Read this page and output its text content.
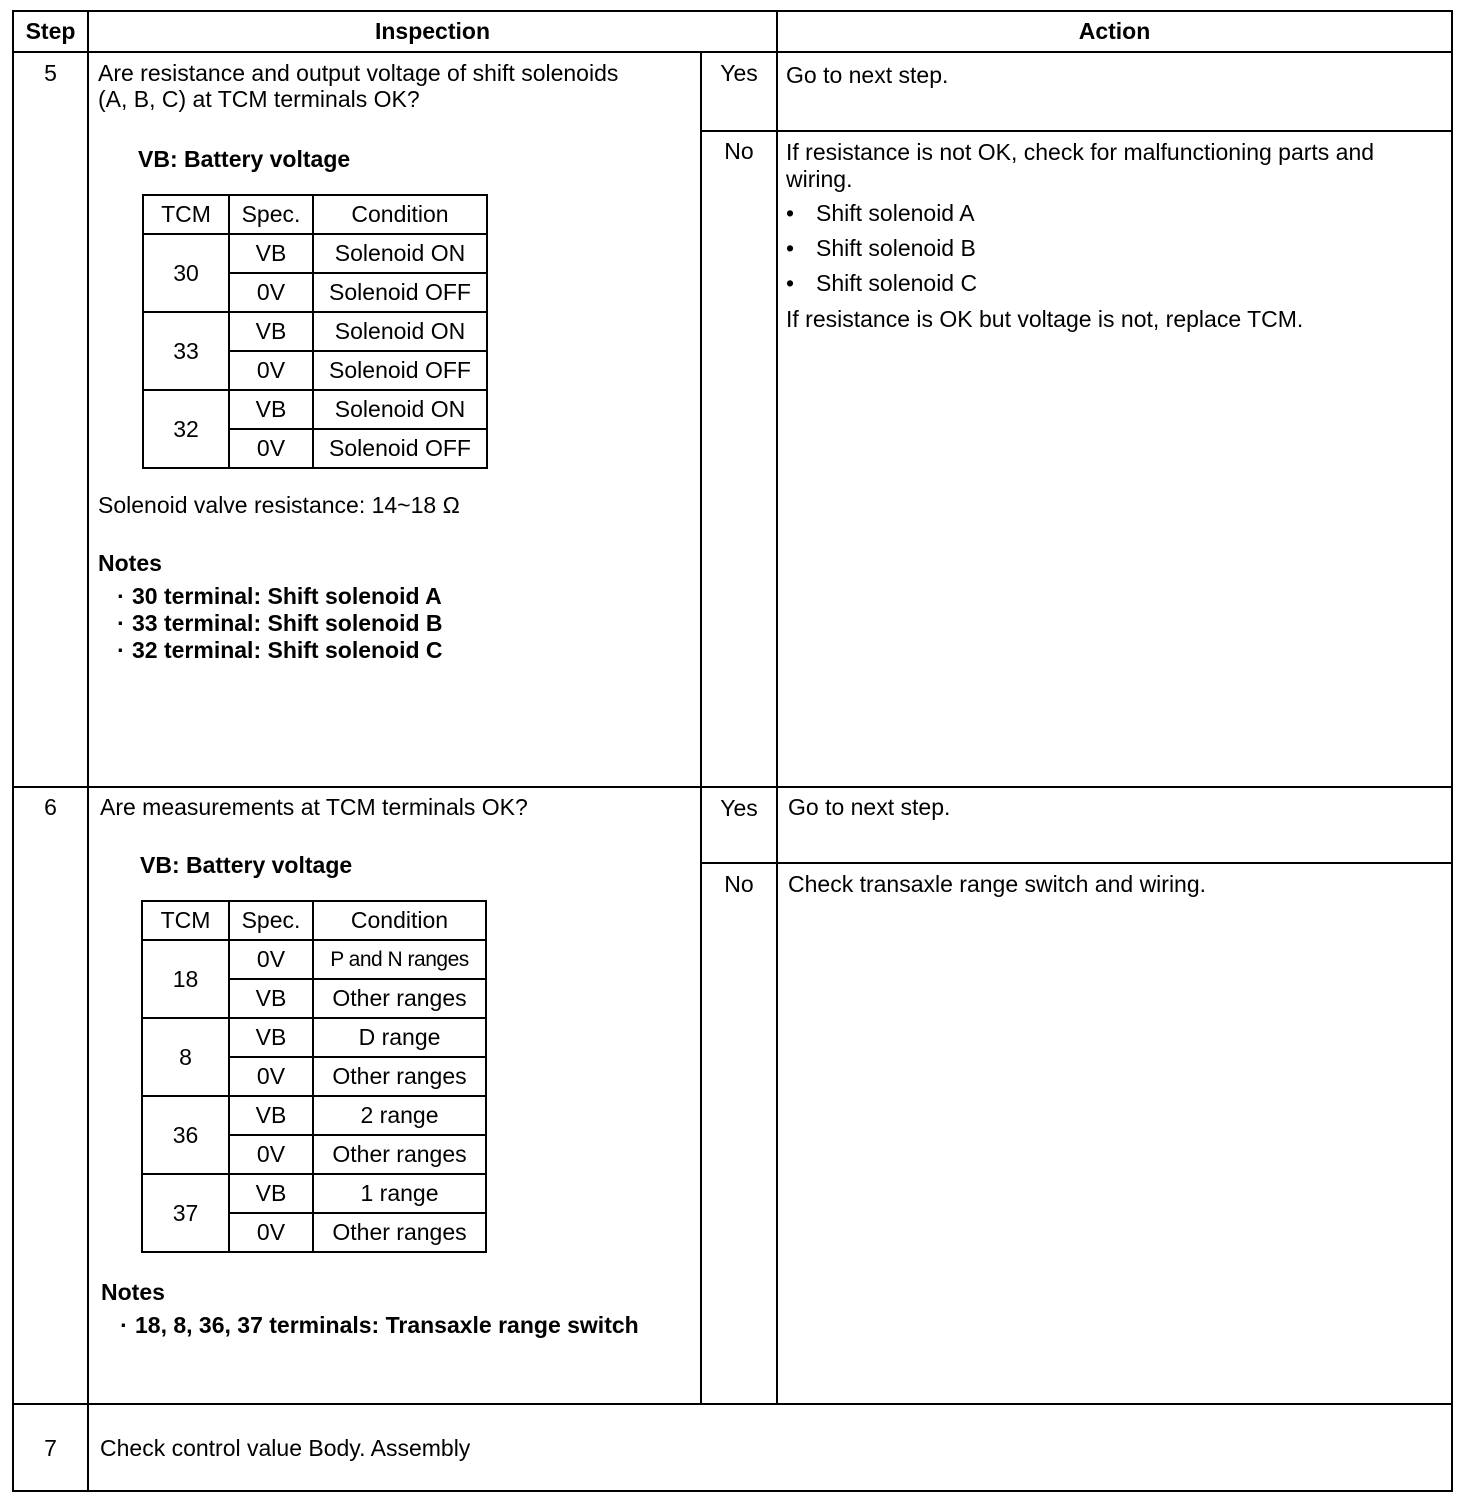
Step	Inspection	Action
5	Are resistance and output voltage of shift solenoids
(A, B, C) at TCM terminals OK?
VB: Battery voltage
TCM	Spec.	Condition
30	VB	Solenoid ON
	0V	Solenoid OFF
33	VB	Solenoid ON
	0V	Solenoid OFF
32	VB	Solenoid ON
	0V	Solenoid OFF
Solenoid valve resistance: 14~18 Ω
Notes
· 30 terminal: Shift solenoid A
· 33 terminal: Shift solenoid B
· 32 terminal: Shift solenoid C
Yes	Go to next step.
No	If resistance is not OK, check for malfunctioning parts and
wiring.
• Shift solenoid A
• Shift solenoid B
• Shift solenoid C
If resistance is OK but voltage is not, replace TCM.
6	Are measurements at TCM terminals OK?
VB: Battery voltage
TCM	Spec.	Condition
18	0V	P and N ranges
	VB	Other ranges
8	VB	D range
	0V	Other ranges
36	VB	2 range
	0V	Other ranges
37	VB	1 range
	0V	Other ranges
Notes
· 18, 8, 36, 37 terminals: Transaxle range switch
Yes	Go to next step.
No	Check transaxle range switch and wiring.
7	Check control value Body. Assembly
